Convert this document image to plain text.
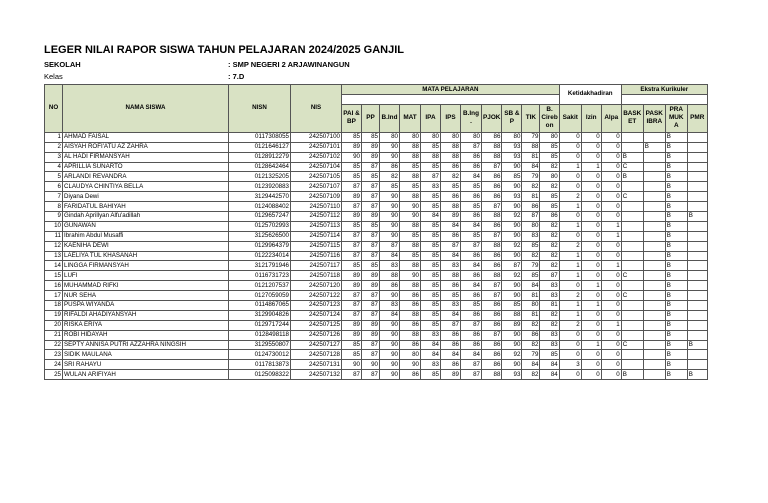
LEGER NILAI RAPOR SISWA TAHUN PELAJARAN 2024/2025 GANJIL
SEKOLAH	: SMP NEGERI 2 ARJAWINANGUN
Kelas	: 7.D
NO	NAMA SISWA	NISN	NIS	MATA PELAJARAN											Ketidakhadiran			Ekstra Kurikuler			

				PAI & BP	PP	B.Ind	MAT	IPA	IPS	B.Ing .	PJOK	SB & P	TIK	B. Cireb on	Sakit	Izin	Alpa	BASK ET	PASK IBRA	PRA MUK A	PMR
1	AHMAD FAISAL	0117308055	242507100	85	85	80	80	80	80	80	86	80	79	80	0	0	0			B	
2	AISYAH ROFI'ATU AZ ZAHRA	0121646127	242507101	89	89	90	88	85	88	87	88	93	88	85	0	0	0		B	B	
3	AL HADI FIRMANSYAH	0128912279	242507102	90	89	90	88	88	88	86	88	93	81	85	0	0	0	B		B	
4	APRILLIA SUNARTO	0128642464	242507104	85	87	86	85	85	86	86	87	90	84	82	1	1	0	C		B	
5	ARLANDI REVANDRA	0121325205	242507105	85	85	82	88	87	82	84	86	85	79	80	0	0	0	B		B	
6	CLAUDYA CHINTIYA BELLA	0123920883	242507107	87	87	85	85	83	85	85	86	90	82	82	0	0	0			B	
7	Diyana Dewi	3129442570	242507109	89	87	90	88	85	86	86	86	93	81	85	2	0	0	C		B	
8	FARIDATUL BAHIYAH	0124088402	242507110	87	87	90	90	85	88	85	87	90	86	85	1	0	0			B	
9	Gindah Aprillyan Alfu'adillah	0129657247	242507112	89	89	90	90	84	89	86	88	92	87	86	0	0	0			B	B
10	GUNAWAN	0125702993	242507113	85	85	90	88	85	84	84	86	90	80	82	1	0	1			B	
11	Ibrahim Abdul Musaffi	3125626500	242507114	87	87	90	85	85	86	85	87	90	83	82	0	0	1			B	
12	KAENIHA DEWI	0129964379	242507115	87	87	87	88	85	87	87	88	92	85	82	2	0	0			B	
13	LAELIYA TUL KHASANAH	0122234014	242507116	87	87	84	85	85	84	86	86	90	82	82	1	0	0			B	
14	LINGGA FIRMANSYAH	3121791946	242507117	85	85	83	88	85	83	84	86	87	79	82	1	0	1			B	
15	LUFI	0116731723	242507118	89	89	88	90	85	88	86	88	92	85	87	1	0	0	C		B	
16	MUHAMMAD RIFKI	0121207537	242507120	89	89	86	88	85	86	84	87	90	84	83	0	1	0			B	
17	NUR SEHA	0127059059	242507122	87	87	90	86	85	85	86	87	90	81	83	2	0	0	C		B	
18	PUSPA WIYANDA	0114867065	242507123	87	87	83	86	85	83	85	86	85	80	81	1	1	0			B	
19	RIFALDI AHADIYANSYAH	3129904826	242507124	87	87	84	88	85	84	86	86	88	81	82	1	0	0			B	
20	RISKA ERIYA	0129717244	242507125	89	89	90	86	85	87	87	86	89	82	82	2	0	1			B	
21	ROBI HIDAYAH	0128498118	242507126	89	89	90	88	83	86	86	87	90	86	83	0	0	0			B	
22	SEPTY ANNISA PUTRI AZZAHRA NINGSIH	3129550807	242507127	85	87	90	86	84	86	86	86	90	82	83	0	1	0	C		B	B
23	SIDIK MAULANA	0124730012	242507128	85	87	90	80	84	84	84	86	92	79	85	0	0	0			B	
24	SRI RAHAYU	0117813873	242507131	90	90	90	90	83	86	87	86	90	84	84	3	0	0			B	
25	WULAN ARIFIYAH	0125098322	242507132	87	87	90	86	85	89	87	88	93	82	84	0	0	0	B		B	B
